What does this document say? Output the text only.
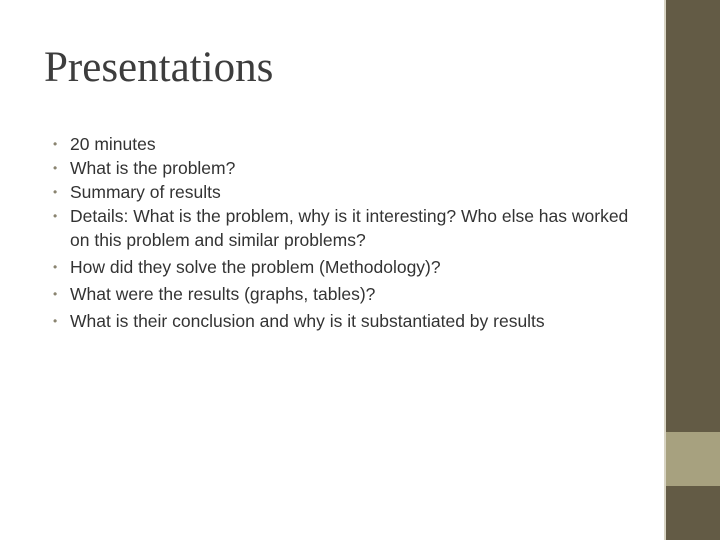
Presentations
• 20 minutes
• What is the problem?
• Summary of results
• Details: What is the problem, why is it interesting? Who else has worked on this problem and similar problems?
• How did they solve the problem (Methodology)?
• What were the results (graphs, tables)?
• What is their conclusion and why is it substantiated by results
